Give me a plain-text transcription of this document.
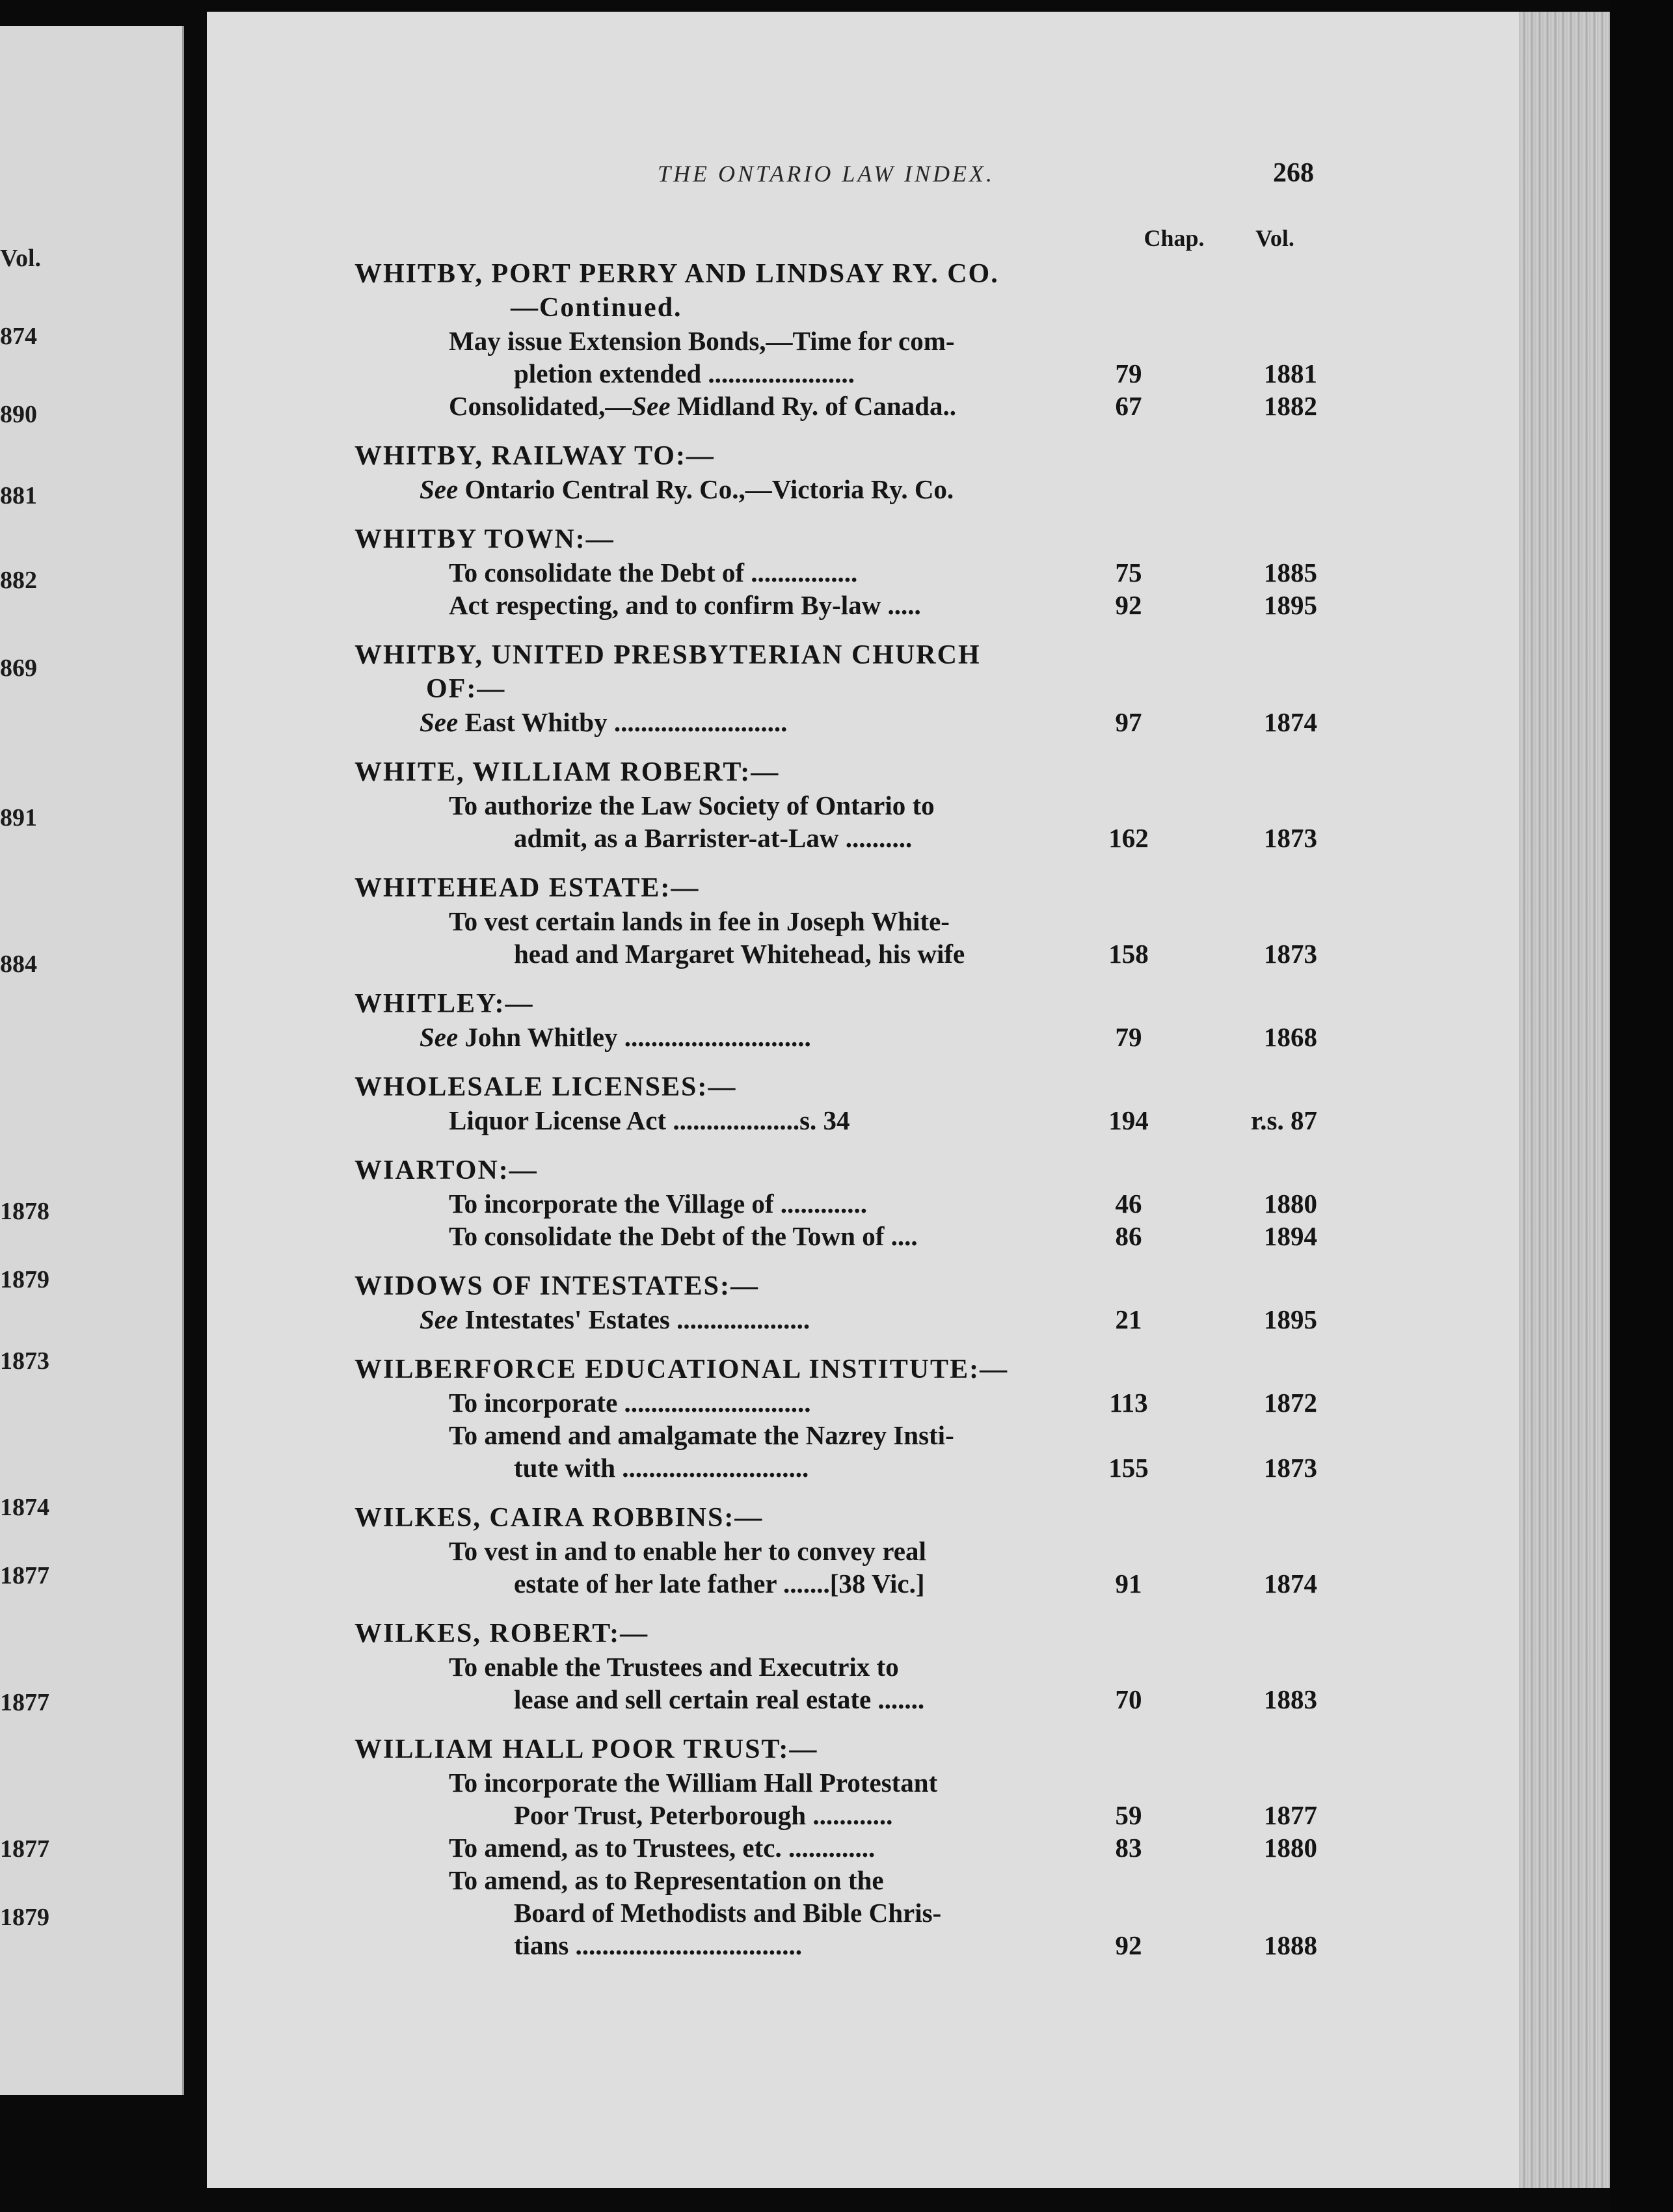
Vol.
874
890
881
882
869
891
884
1878
1879
1873
1874
1877
1877
1877
1879
THE ONTARIO LAW INDEX.	268
Chap.	Vol.
WHITBY, PORT PERRY AND LINDSAY RY. CO.
—Continued.
May issue Extension Bonds,—Time for com-
pletion extended ......................	79	1881
Consolidated,—See Midland Ry. of Canada..	67	1882
WHITBY, RAILWAY TO:—
See Ontario Central Ry. Co.,—Victoria Ry. Co.
WHITBY TOWN:—
To consolidate the Debt of ................	75	1885
Act respecting, and to confirm By-law .....	92	1895
WHITBY, UNITED PRESBYTERIAN CHURCH
OF:—
See East Whitby ..........................	97	1874
WHITE, WILLIAM ROBERT:—
To authorize the Law Society of Ontario to
admit, as a Barrister-at-Law ..........	162	1873
WHITEHEAD ESTATE:—
To vest certain lands in fee in Joseph White-
head and Margaret Whitehead, his wife	158	1873
WHITLEY:—
See John Whitley ............................	79	1868
WHOLESALE LICENSES:—
Liquor License Act ...................s. 34	194	r.s. 87
WIARTON:—
To incorporate the Village of .............	46	1880
To consolidate the Debt of the Town of ....	86	1894
WIDOWS OF INTESTATES:—
See Intestates' Estates ....................	21	1895
WILBERFORCE EDUCATIONAL INSTITUTE:—
To incorporate ............................	113	1872
To amend and amalgamate the Nazrey Insti-
tute with ............................	155	1873
WILKES, CAIRA ROBBINS:—
To vest in and to enable her to convey real
estate of her late father .......[38 Vic.]	91	1874
WILKES, ROBERT:—
To enable the Trustees and Executrix to
lease and sell certain real estate .......	70	1883
WILLIAM HALL POOR TRUST:—
To incorporate the William Hall Protestant
Poor Trust, Peterborough ............	59	1877
To amend, as to Trustees, etc. .............	83	1880
To amend, as to Representation on the
Board of Methodists and Bible Chris-
tians ..................................	92	1888
